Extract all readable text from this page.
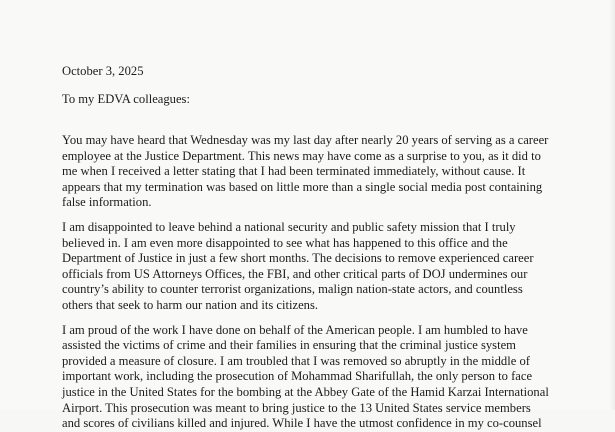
October 3, 2025

To my EDVA colleagues:

You may have heard that Wednesday was my last day after nearly 20 years of serving as a career
employee at the Justice Department. This news may have come as a surprise to you, as it did to
me when I received a letter stating that I had been terminated immediately, without cause. It
appears that my termination was based on little more than a single social media post containing
false information.

I am disappointed to leave behind a national security and public safety mission that I truly
believed in. I am even more disappointed to see what has happened to this office and the
Department of Justice in just a few short months. The decisions to remove experienced career
officials from US Attorneys Offices, the FBI, and other critical parts of DOJ undermines our
country’s ability to counter terrorist organizations, malign nation-state actors, and countless
others that seek to harm our nation and its citizens.

I am proud of the work I have done on behalf of the American people. I am humbled to have
assisted the victims of crime and their families in ensuring that the criminal justice system
provided a measure of closure. I am troubled that I was removed so abruptly in the middle of
important work, including the prosecution of Mohammad Sharifullah, the only person to face
justice in the United States for the bombing at the Abbey Gate of the Hamid Karzai International
Airport. This prosecution was meant to bring justice to the 13 United States service members
and scores of civilians killed and injured. While I have the utmost confidence in my co-counsel
